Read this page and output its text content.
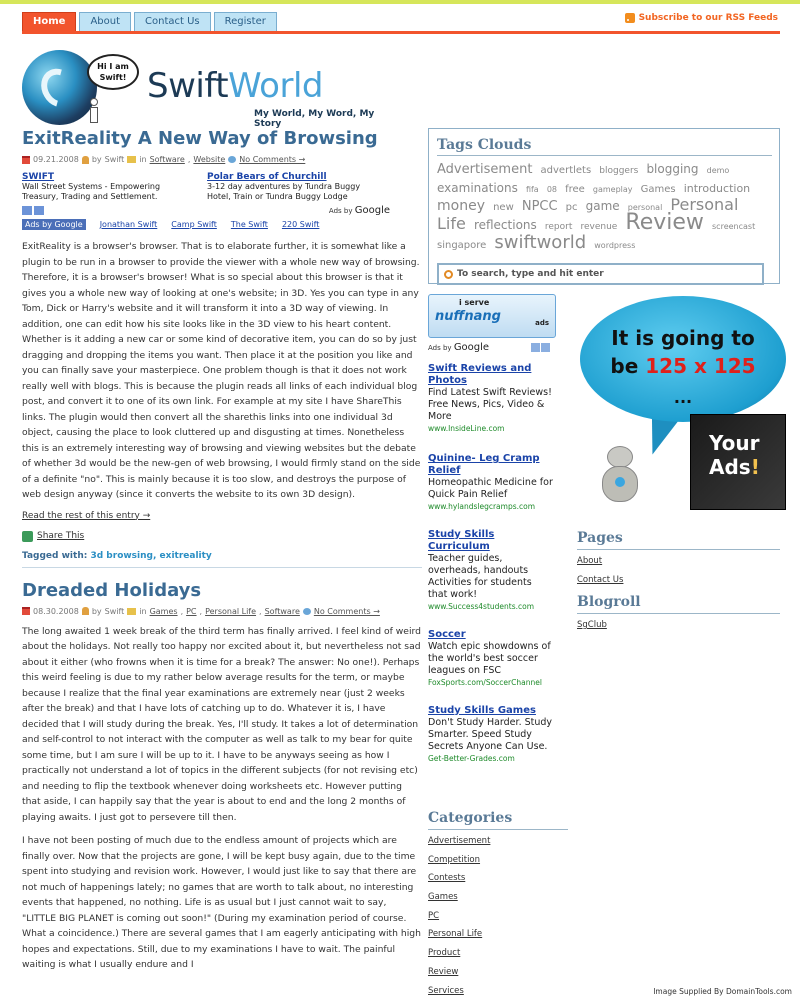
Home	About	Contact Us	Register	Subscribe to our RSS Feeds
Hi I am Swift! SwiftWorld
My World, My Word, My Story
ExitReality A New Way of Browsing
09.21.2008 by Swift in Software , Website No Comments →
SWIFT
Wall Street Systems - Empowering Treasury, Trading and Settlement.
Polar Bears of Churchill
3-12 day adventures by Tundra Buggy Hotel, Train or Tundra Buggy Lodge
Ads by Google
Ads by Google	Jonathan Swift Camp Swift The Swift 220 Swift

ExitReality is a browser's browser. That is to elaborate further, it is somewhat like a plugin to be run in a browser to provide the viewer with a whole new way of browsing. Therefore, it is a browser's browser! What is so special about this browser is that it gives you a whole new way of looking at one's website; in 3D. Yes you can type in any Tom, Dick or Harry's website and it will transform it into a 3D way of viewing. In addition, one can edit how his site looks like in the 3D view to his heart content. Whether is it adding a new car or some kind of decorative item, you can do so by just dragging and dropping the items you want. Then place it at the position you like and you can finally save your masterpiece. One problem though is that it does not work really well with blogs. This is because the plugin reads all links of each individual blog post, and convert it to one of its own link. For example at my site I have ShareThis links. The plugin would then convert all the sharethis links into one individual 3d object, causing the place to look cluttered up and disgusting at times. Nonetheless this is an extremely interesting way of browsing and viewing websites but the debate of whether 3d would be the new-gen of web browsing, I would firmly stand on the side of a definite "no". This is mainly because it is too slow, and destroys the purpose of web design anyway (since it converts the website to its own 3D design).

Read the rest of this entry →
Share This
Tagged with: 3d browsing, exitreality
Dreaded Holidays
08.30.2008 by Swift in Games , PC , Personal Life , Software No Comments →

The long awaited 1 week break of the third term has finally arrived. I feel kind of weird about the holidays. Not really too happy nor excited about it, but nevertheless not sad about it either (who frowns when it is time for a break? The answer: No one!). Perhaps this weird feeling is due to my rather below average results for the term, or maybe because I realize that the final year examinations are extremely near (just 2 weeks after the break) and that I have lots of catching up to do. Whatever it is, I have decided that I will study during the break. Yes, I'll study. It takes a lot of determination and self-control to not interact with the computer as well as talk to my bear for quite some time, but I am sure I will be up to it. I have to be anyways seeing as how I practically not understand a lot of topics in the different subjects (for not revising etc) and needing to flip the textbook whenever doing worksheets etc. However putting that aside, I can happily say that the year is about to end and the long 2 months of playing awaits. I just got to persevere till then.

I have not been posting of much due to the endless amount of projects which are finally over. Now that the projects are gone, I will be kept busy again, due to the time spent into studying and revision work. However, I would just like to say that there are not much of happenings lately; no games that are worth to talk about, no interesting events that happened, no nothing. Life is as usual but I just cannot wait to say, "LITTLE BIG PLANET is coming out soon!" (During my examination period of course. What a coincidence.) There are several games that I am eagerly anticipating with high hopes and expectations. Still, due to my examinations I have to wait. The painful waiting is what I usually endure and I

Tags Clouds
Advertisement advertlets bloggers blogging demo examinations fifa 08 free gameplay Games introduction money new NPCC pc game personal Personal Life reflections report revenue Review screencast singapore swiftworld wordpress
To search, type and hit enter
i serve
nuffnang	ads
Ads by
Google
Swift Reviews and Photos
Find Latest Swift Reviews! Free News, Pics, Video & More
www.InsideLine.com
Quinine- Leg Cramp Relief
Homeopathic Medicine for Quick Pain Relief
www.hylandslegcramps.com
Study Skills Curriculum
Teacher guides, overheads, handouts Activities for students that work!
www.Success4students.com
Soccer
Watch epic showdowns of the world's best soccer leagues on FSC
FoxSports.com/SoccerChannel
Study Skills Games
Don't Study Harder. Study Smarter. Speed Study Secrets Anyone Can Use.
Get-Better-Grades.com
It is going to
be 125 x 125
...
Your
Ads!
Pages
About
Contact Us
Blogroll
SgClub
Categories
Advertisement
Competition
Contests
Games
PC
Personal Life
Product
Review
Services	Image Supplied By DomainTools.com
